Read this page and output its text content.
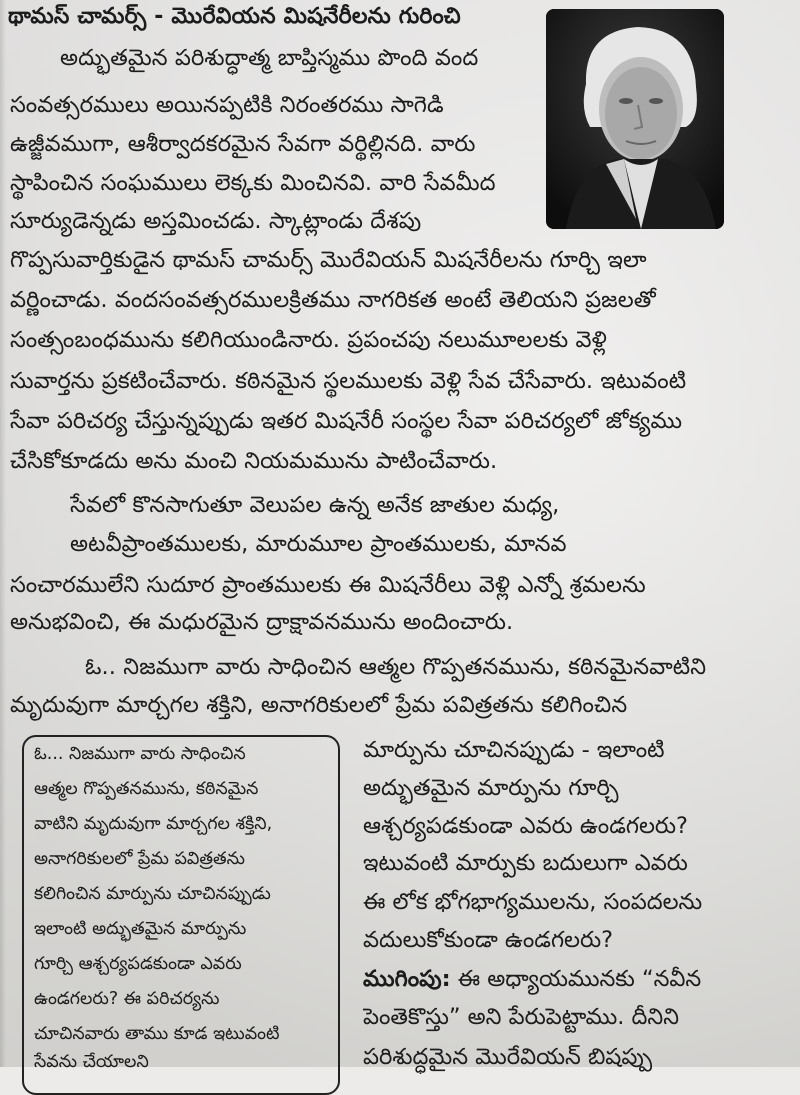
థామస్ చామర్స్ - మొరేవియన మిషనేరీలను గురించి
అద్భుతమైన పరిశుద్ధాత్మ బాప్తిస్మము పొంది వంద
సంవత్సరములు అయినప్పటికి నిరంతరము సాగెడి
ఉజ్జీవముగా, ఆశీర్వాదకరమైన సేవగా వర్థిల్లినది. వారు
స్థాపించిన సంఘములు లెక్కకు మించినవి. వారి సేవమీద
సూర్యుడెన్నడు అస్తమించడు. స్కాట్లాండు దేశపు
గొప్పసువార్తికుడైన థామస్ చామర్స్ మొరేవియన్ మిషనేరీలను గూర్చి ఇలా
వర్ణించాడు. వందసంవత్సరములక్రితము నాగరికత అంటే తెలియని ప్రజలతో
సంత్సంబంధమును కలిగియుండినారు. ప్రపంచపు నలుమూలలకు వెళ్లి
సువార్తను ప్రకటించేవారు. కఠినమైన స్థలములకు వెళ్లి సేవ చేసేవారు. ఇటువంటి
సేవా పరిచర్య చేస్తున్నప్పుడు ఇతర మిషనేరీ సంస్థల సేవా పరిచర్యలో జోక్యము
చేసికోకూడదు అను మంచి నియమమును పాటించేవారు.
సేవలో కొనసాగుతూ వెలుపల ఉన్న అనేక జాతుల మధ్య,
అటవీప్రాంతములకు, మారుమూల ప్రాంతములకు, మానవ
సంచారములేని సుదూర ప్రాంతములకు ఈ మిషనేరీలు వెళ్లి ఎన్నో శ్రమలను
అనుభవించి, ఈ మధురమైన ద్రాక్షావనమును అందించారు.
ఓ.. నిజముగా వారు సాధించిన ఆత్మల గొప్పతనమును, కఠినమైనవాటిని
మృదువుగా మార్చగల శక్తిని, అనాగరికులలో ప్రేమ పవిత్రతను కలిగించిన
ఓ... నిజముగా వారు సాధించిన
ఆత్మల గొప్పతనమును, కఠినమైన
వాటిని మృదువుగా మార్చగల శక్తిని,
అనాగరికులలో ప్రేమ పవిత్రతను
కలిగించిన మార్పును చూచినప్పుడు
ఇలాంటి అద్భుతమైన మార్పును
గూర్చి ఆశ్చర్యపడకుండా ఎవరు
ఉండగలరు? ఈ పరిచర్యను
చూచినవారు తాము కూడ ఇటువంటి
సేవను చేయాలని
మార్పును చూచినప్పుడు - ఇలాంటి
అద్భుతమైన మార్పును గూర్చి
ఆశ్చర్యపడకుండా ఎవరు ఉండగలరు?
ఇటువంటి మార్పుకు బదులుగా ఎవరు
ఈ లోక భోగభాగ్యములను, సంపదలను
వదులుకోకుండా ఉండగలరు?
ముగింపు: ఈ అధ్యాయమునకు “నవీన
పెంతెకొస్తు” అని పేరుపెట్టాము. దీనిని
పరిశుద్ధమైన మొరేవియన్ బిషప్పు
